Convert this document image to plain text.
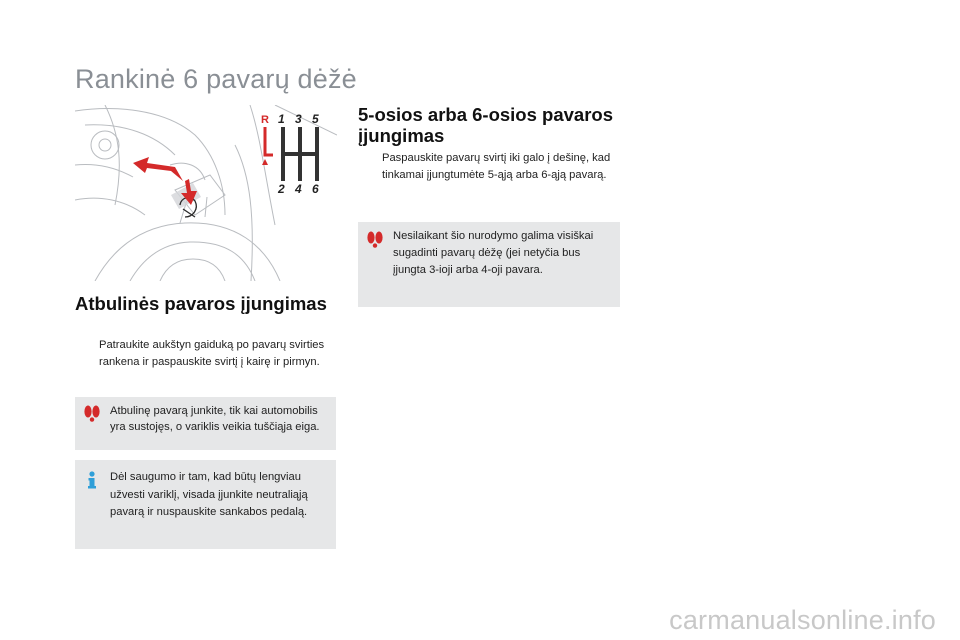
Rankinė 6 pavarų dėžė
R 1 3 5
2 4 6
Atbulinės pavaros įjungimas
Patraukite aukštyn gaiduką po pavarų svirties rankena ir paspauskite svirtį į kairę ir pirmyn.
Atbulinę pavarą junkite, tik kai automobilis yra sustojęs, o variklis veikia tuščiąja eiga.
Dėl saugumo ir tam, kad būtų lengviau užvesti variklį, visada įjunkite neutraliąją pavarą ir nuspauskite sankabos pedalą.
5-osios arba 6-osios pavaros įjungimas
Paspauskite pavarų svirtį iki galo į dešinę, kad tinkamai įjungtumėte 5-ąją arba 6-ąją pavarą.
Nesilaikant šio nurodymo galima visiškai sugadinti pavarų dėžę (jei netyčia bus įjungta 3-ioji arba 4-oji pavara.
carmanualsonline.info
